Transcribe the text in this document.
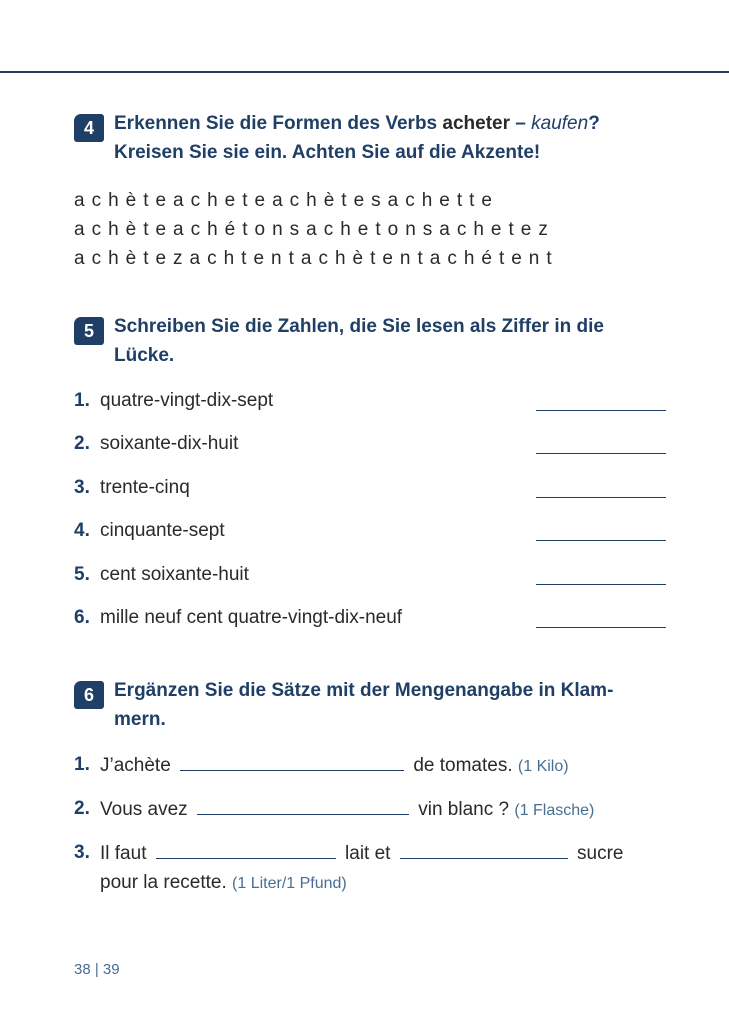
4	Erkennen Sie die Formen des Verbs acheter – kaufen?
Kreisen Sie sie ein. Achten Sie auf die Akzente!
achèteacheteachètesachette
achèteachétonsachetonsachetez
achètezachtentachètentachétent
5	Schreiben Sie die Zahlen, die Sie lesen als Ziffer in die Lücke.
1. quatre-vingt-dix-sept
2. soixante-dix-huit
3. trente-cinq
4. cinquante-sept
5. cent soixante-huit
6. mille neuf cent quatre-vingt-dix-neuf
6	Ergänzen Sie die Sätze mit der Mengenangabe in Klam-mern.
1. J’achète	de tomates. (1 Kilo)
2. Vous avez	vin blanc ? (1 Flasche)
3. Il faut	lait et	sucre
pour la recette. (1 Liter/1 Pfund)
38 | 39
